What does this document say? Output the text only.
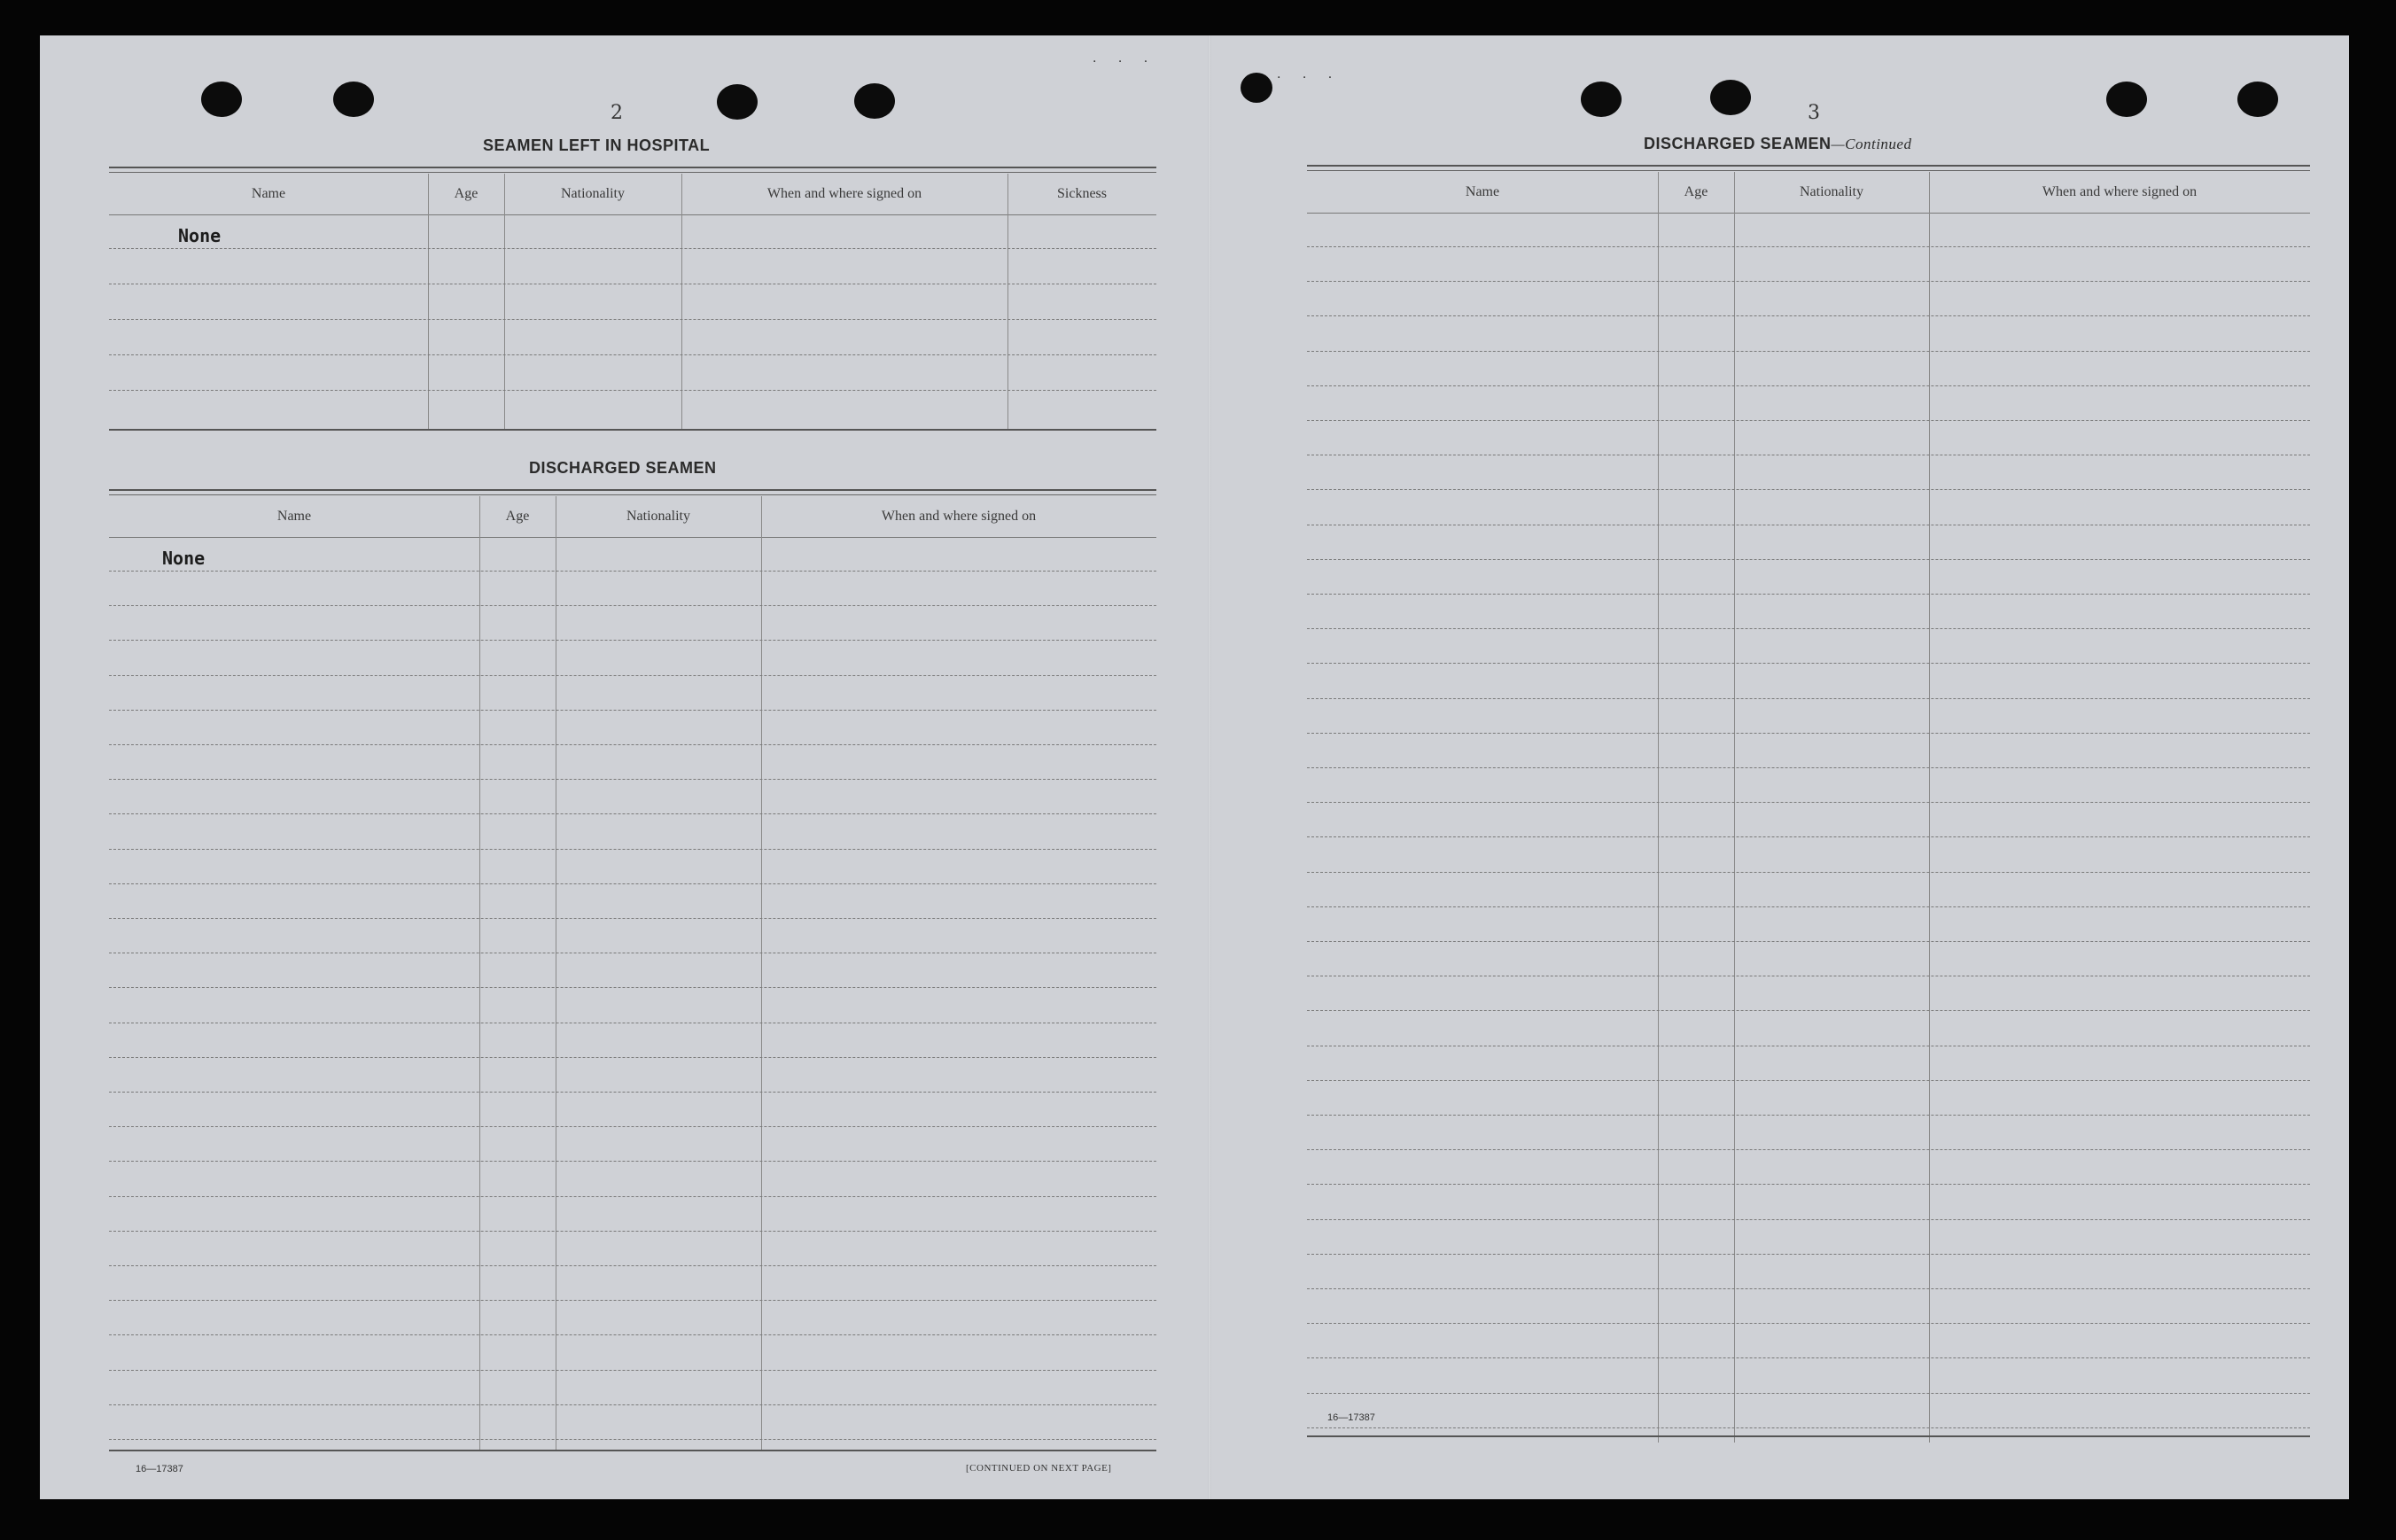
· · ·
2
SEAMEN LEFT IN HOSPITAL
Name	Age	Nationality	When and where signed on	Sickness
None
DISCHARGED SEAMEN
Name	Age	Nationality	When and where signed on
None
16—17387	[CONTINUED ON NEXT PAGE]
· · ·
3
DISCHARGED SEAMEN—Continued
Name	Age	Nationality	When and where signed on
16—17387
